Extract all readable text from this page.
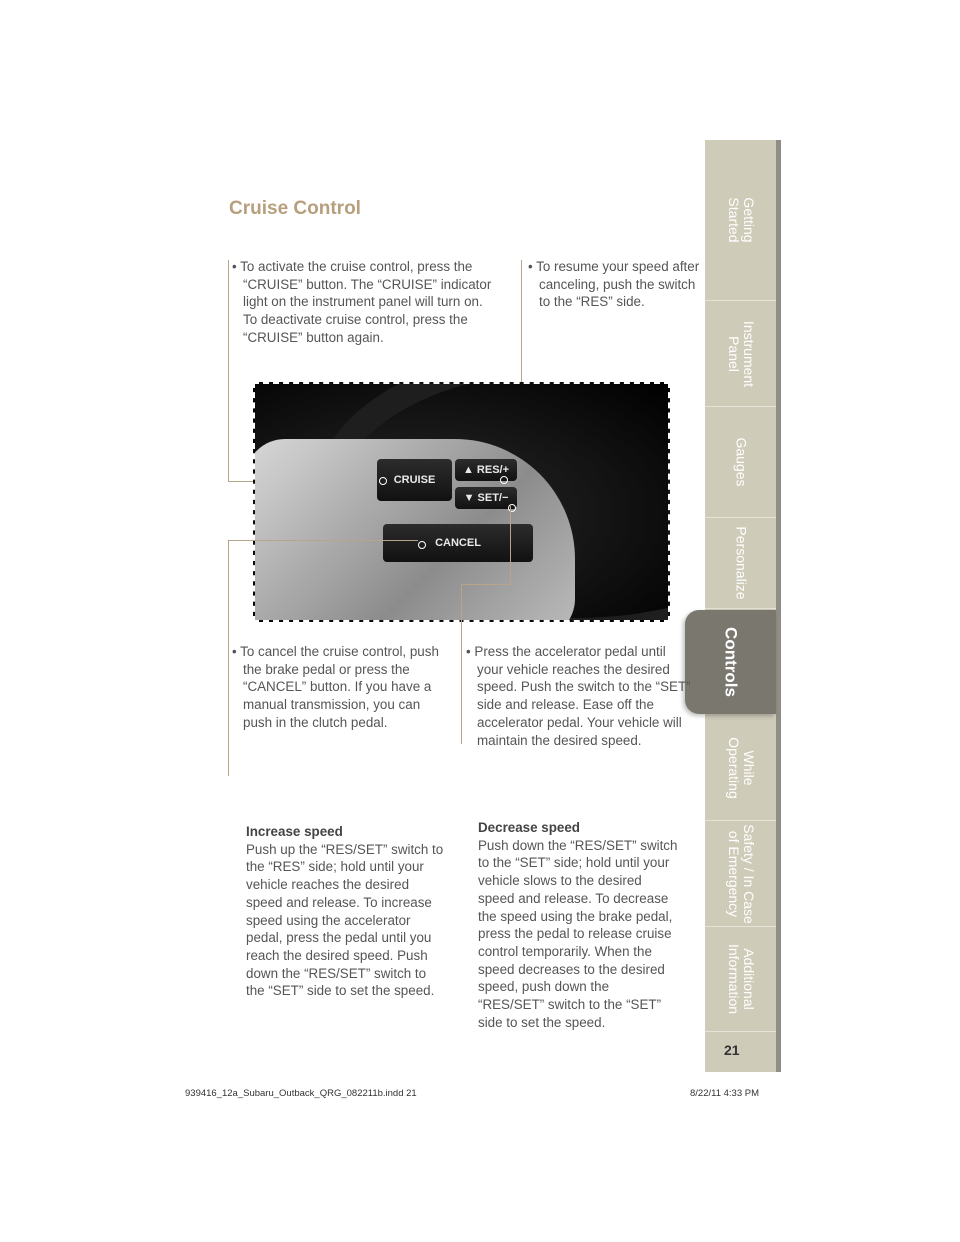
Getting
Started
Instrument
Panel
Gauges
Personalize
Controls
While
Operating
Safety / In Case
of Emergency
Additional
Information
Cruise Control
• To activate the cruise control, press the “CRUISE” button. The “CRUISE” indicator light on the instrument panel will turn on. To deactivate cruise control, press the “CRUISE” button again.
• To resume your speed after canceling, push the switch to the “RES” side.
CRUISE
▲ RES/+
▼ SET/−
CANCEL
• To cancel the cruise control, push the brake pedal or press the “CANCEL” button. If you have a manual transmission, you can push in the clutch pedal.
• Press the accelerator pedal until your vehicle reaches the desired speed. Push the switch to the “SET” side and release. Ease off the accelerator pedal. Your vehicle will maintain the desired speed.
Increase speed
Push up the “RES/SET” switch to the “RES” side; hold until your vehicle reaches the desired speed and release. To increase speed using the accelerator pedal, press the pedal until you reach the desired speed. Push down the “RES/SET” switch to the “SET” side to set the speed.
Decrease speed
Push down the “RES/SET” switch to the “SET” side; hold until your vehicle slows to the desired speed and release. To decrease the speed using the brake pedal, press the pedal to release cruise control temporarily. When the speed decreases to the desired speed, push down the “RES/SET” switch to the “SET” side to set the speed.
21
939416_12a_Subaru_Outback_QRG_082211b.indd 21	8/22/11 4:33 PM
